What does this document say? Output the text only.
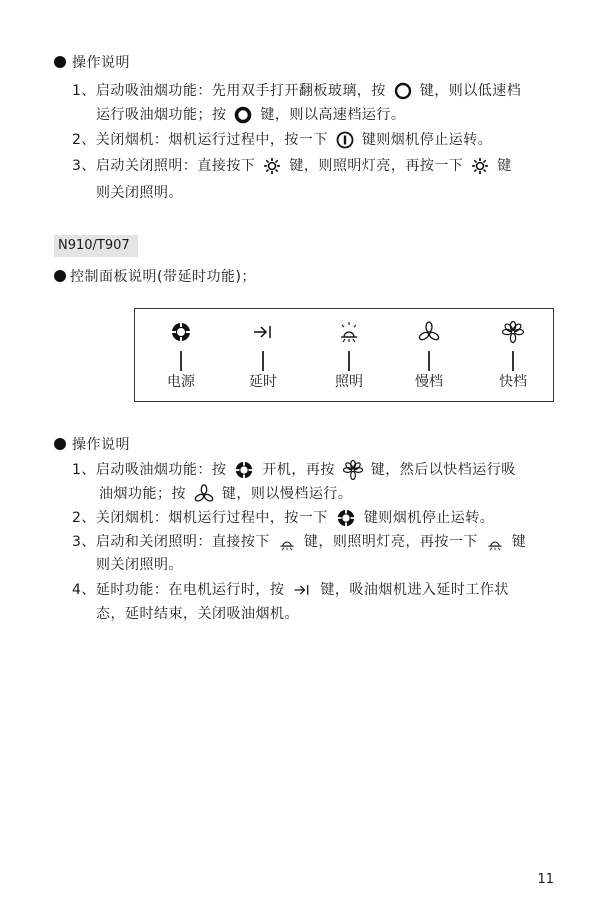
操作说明
1、启动吸油烟功能：先用双手打开翻板玻璃，按 键，则以低速档
运行吸油烟功能；按 键，则以高速档运行。
2、关闭烟机：烟机运行过程中，按一下 键则烟机停止运转。
3、启动关闭照明：直接按下 键，则照明灯亮，再按一下 键
则关闭照明。
N910/T907
控制面板说明(带延时功能)；
电源	延时	照明	慢档	快档
操作说明
1、启动吸油烟功能：按	开机，再按	键，然后以快档运行吸
油烟功能；按	键，则以慢档运行。
2、关闭烟机：烟机运行过程中，按一下	键则烟机停止运转。
3、启动和关闭照明：直接按下 键，则照明灯亮，再按一下 键
则关闭照明。
4、延时功能：在电机运行时，按	键，吸油烟机进入延时工作状
态，延时结束，关闭吸油烟机。
11
